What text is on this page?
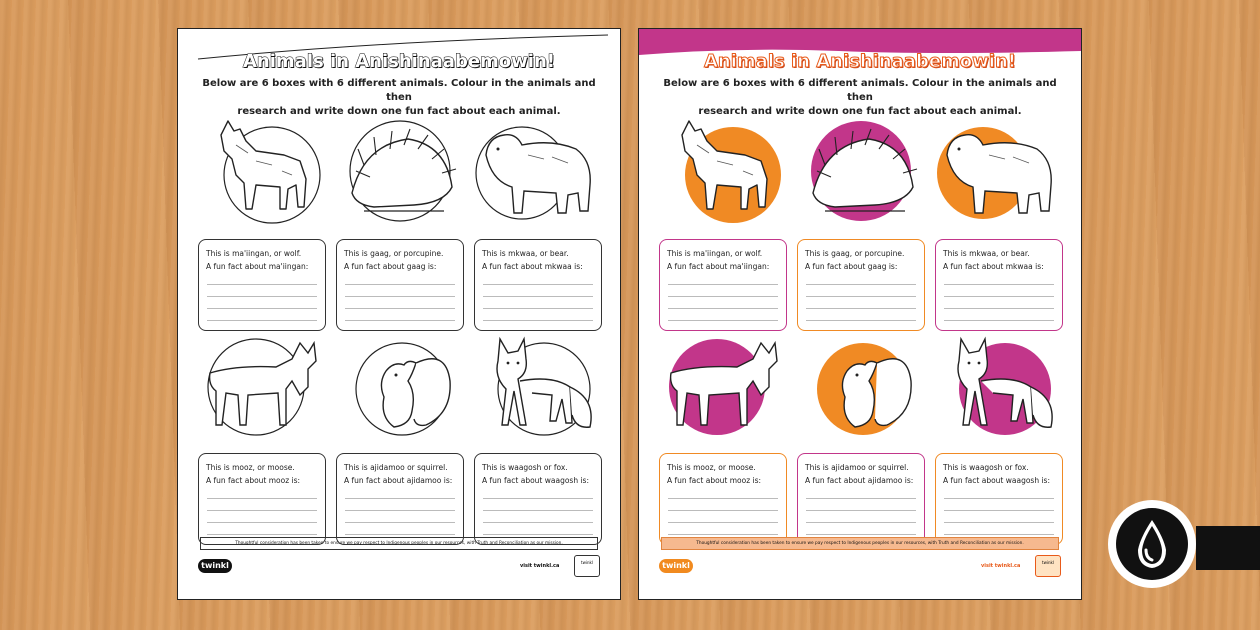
Animals in Anishinaabemowin!
Below are 6 boxes with 6 different animals. Colour in the animals and then
research and write down one fun fact about each animal.
This is ma'iingan, or wolf.
A fun fact about ma'iingan:
This is gaag, or porcupine.
A fun fact about gaag is:
This is mkwaa, or bear.
A fun fact about mkwaa is:
This is mooz, or moose.
A fun fact about mooz is:
This is ajidamoo or squirrel.
A fun fact about ajidamoo is:
This is waagosh or fox.
A fun fact about waagosh is:
Thoughtful consideration has been taken to ensure we pay respect to Indigenous peoples in our resources, with Truth and Reconciliation as our mission.
twinkl	visit twinkl.ca
twinkl
Animals in Anishinaabemowin!
Below are 6 boxes with 6 different animals. Colour in the animals and then
research and write down one fun fact about each animal.
This is ma'iingan, or wolf.
A fun fact about ma'iingan:
This is gaag, or porcupine.
A fun fact about gaag is:
This is mkwaa, or bear.
A fun fact about mkwaa is:
This is mooz, or moose.
A fun fact about mooz is:
This is ajidamoo or squirrel.
A fun fact about ajidamoo is:
This is waagosh or fox.
A fun fact about waagosh is:
Thoughtful consideration has been taken to ensure we pay respect to Indigenous peoples in our resources, with Truth and Reconciliation as our mission.
twinkl	visit twinkl.ca
twinkl
